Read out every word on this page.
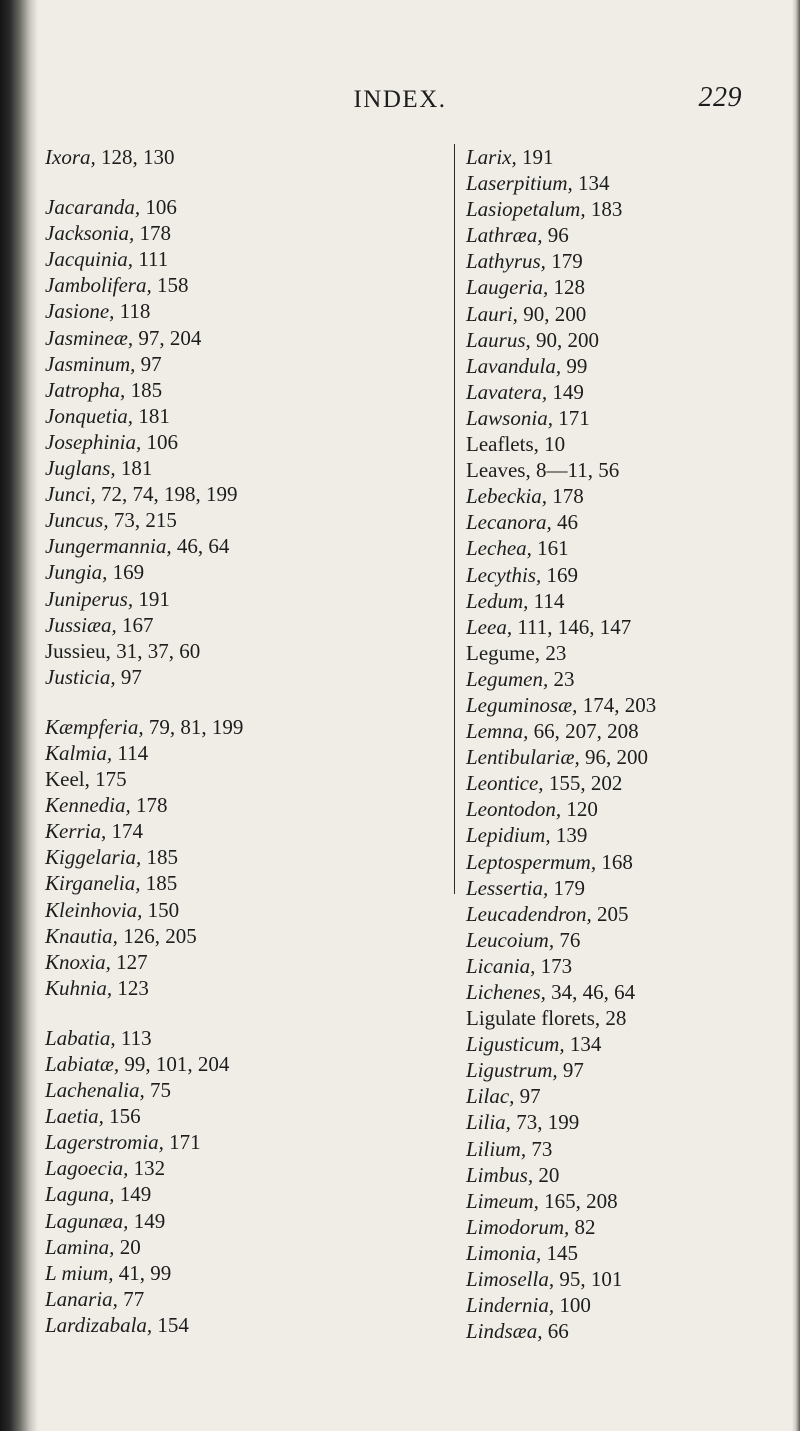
INDEX.	229
Ixora, 128, 130
Jacaranda, 106
Jacksonia, 178
Jacquinia, 111
Jambolifera, 158
Jasione, 118
Jasmineæ, 97, 204
Jasminum, 97
Jatropha, 185
Jonquetia, 181
Josephinia, 106
Juglans, 181
Junci, 72, 74, 198, 199
Juncus, 73, 215
Jungermannia, 46, 64
Jungia, 169
Juniperus, 191
Jussiæa, 167
Jussieu, 31, 37, 60
Justicia, 97
Kæmpferia, 79, 81, 199
Kalmia, 114
Keel, 175
Kennedia, 178
Kerria, 174
Kiggelaria, 185
Kirganelia, 185
Kleinhovia, 150
Knautia, 126, 205
Knoxia, 127
Kuhnia, 123
Labatia, 113
Labiatæ, 99, 101, 204
Lachenalia, 75
Laetia, 156
Lagerstromia, 171
Lagoecia, 132
Laguna, 149
Lagunæa, 149
Lamina, 20
L mium, 41, 99
Lanaria, 77
Lardizabala, 154
Larix, 191
Laserpitium, 134
Lasiopetalum, 183
Lathræa, 96
Lathyrus, 179
Laugeria, 128
Lauri, 90, 200
Laurus, 90, 200
Lavandula, 99
Lavatera, 149
Lawsonia, 171
Leaflets, 10
Leaves, 8—11, 56
Lebeckia, 178
Lecanora, 46
Lechea, 161
Lecythis, 169
Ledum, 114
Leea, 111, 146, 147
Legume, 23
Legumen, 23
Leguminosæ, 174, 203
Lemna, 66, 207, 208
Lentibulariæ, 96, 200
Leontice, 155, 202
Leontodon, 120
Lepidium, 139
Leptospermum, 168
Lessertia, 179
Leucadendron, 205
Leucoium, 76
Licania, 173
Lichenes, 34, 46, 64
Ligulate florets, 28
Ligusticum, 134
Ligustrum, 97
Lilac, 97
Lilia, 73, 199
Lilium, 73
Limbus, 20
Limeum, 165, 208
Limodorum, 82
Limonia, 145
Limosella, 95, 101
Lindernia, 100
Lindsæa, 66
